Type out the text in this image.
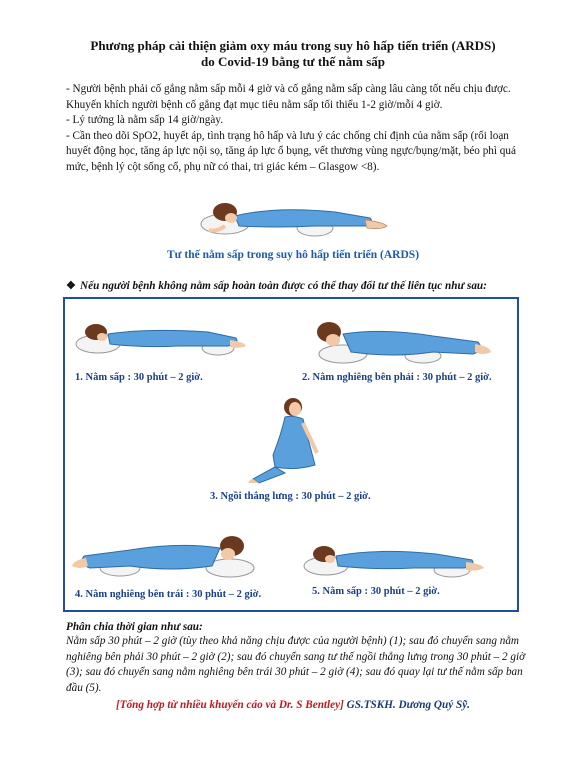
Phương pháp cải thiện giảm oxy máu trong suy hô hấp tiến triển (ARDS)
do Covid-19 bằng tư thế nằm sấp

- Người bệnh phải cố gắng nằm sấp mỗi 4 giờ và cố gắng nằm sấp càng lâu càng tốt nếu chịu được. Khuyến khích người bệnh cố gắng đạt mục tiêu nằm sấp tối thiểu 1-2 giờ/mỗi 4 giờ.

- Lý tưởng là nằm sấp 14 giờ/ngày.

- Cần theo dõi SpO2, huyết áp, tình trạng hô hấp và lưu ý các chống chỉ định của nằm sấp (rối loạn huyết động học, tăng áp lực nội sọ, tăng áp lực ổ bụng, vết thương vùng ngực/bụng/mặt, béo phì quá mức, bệnh lý cột sống cổ, phụ nữ có thai, tri giác kém – Glasgow <8).

Tư thế nằm sấp trong suy hô hấp tiến triển (ARDS)
❖ Nếu người bệnh không nằm sấp hoàn toàn được có thể thay đổi tư thế liên tục như sau:
1. Nằm sấp : 30 phút – 2 giờ.	2. Nằm nghiêng bên phải : 30 phút – 2 giờ.
3. Ngồi thẳng lưng : 30 phút – 2 giờ.
4. Nằm nghiêng bên trái : 30 phút – 2 giờ.	5. Nằm sấp : 30 phút – 2 giờ.
Phân chia thời gian như sau:
Nằm sấp 30 phút – 2 giờ (tùy theo khả năng chịu được của người bệnh) (1); sau đó chuyển sang nằm nghiêng bên phải 30 phút – 2 giờ (2); sau đó chuyển sang tư thế ngồi thẳng lưng trong 30 phút – 2 giờ (3); sau đó chuyển sang nằm nghiêng bên trái 30 phút – 2 giờ (4); sau đó quay lại tư thế nằm sấp ban đầu (5).
[Tổng hợp từ nhiều khuyến cáo và Dr. S Bentley] GS.TSKH. Dương Quý Sỹ.
